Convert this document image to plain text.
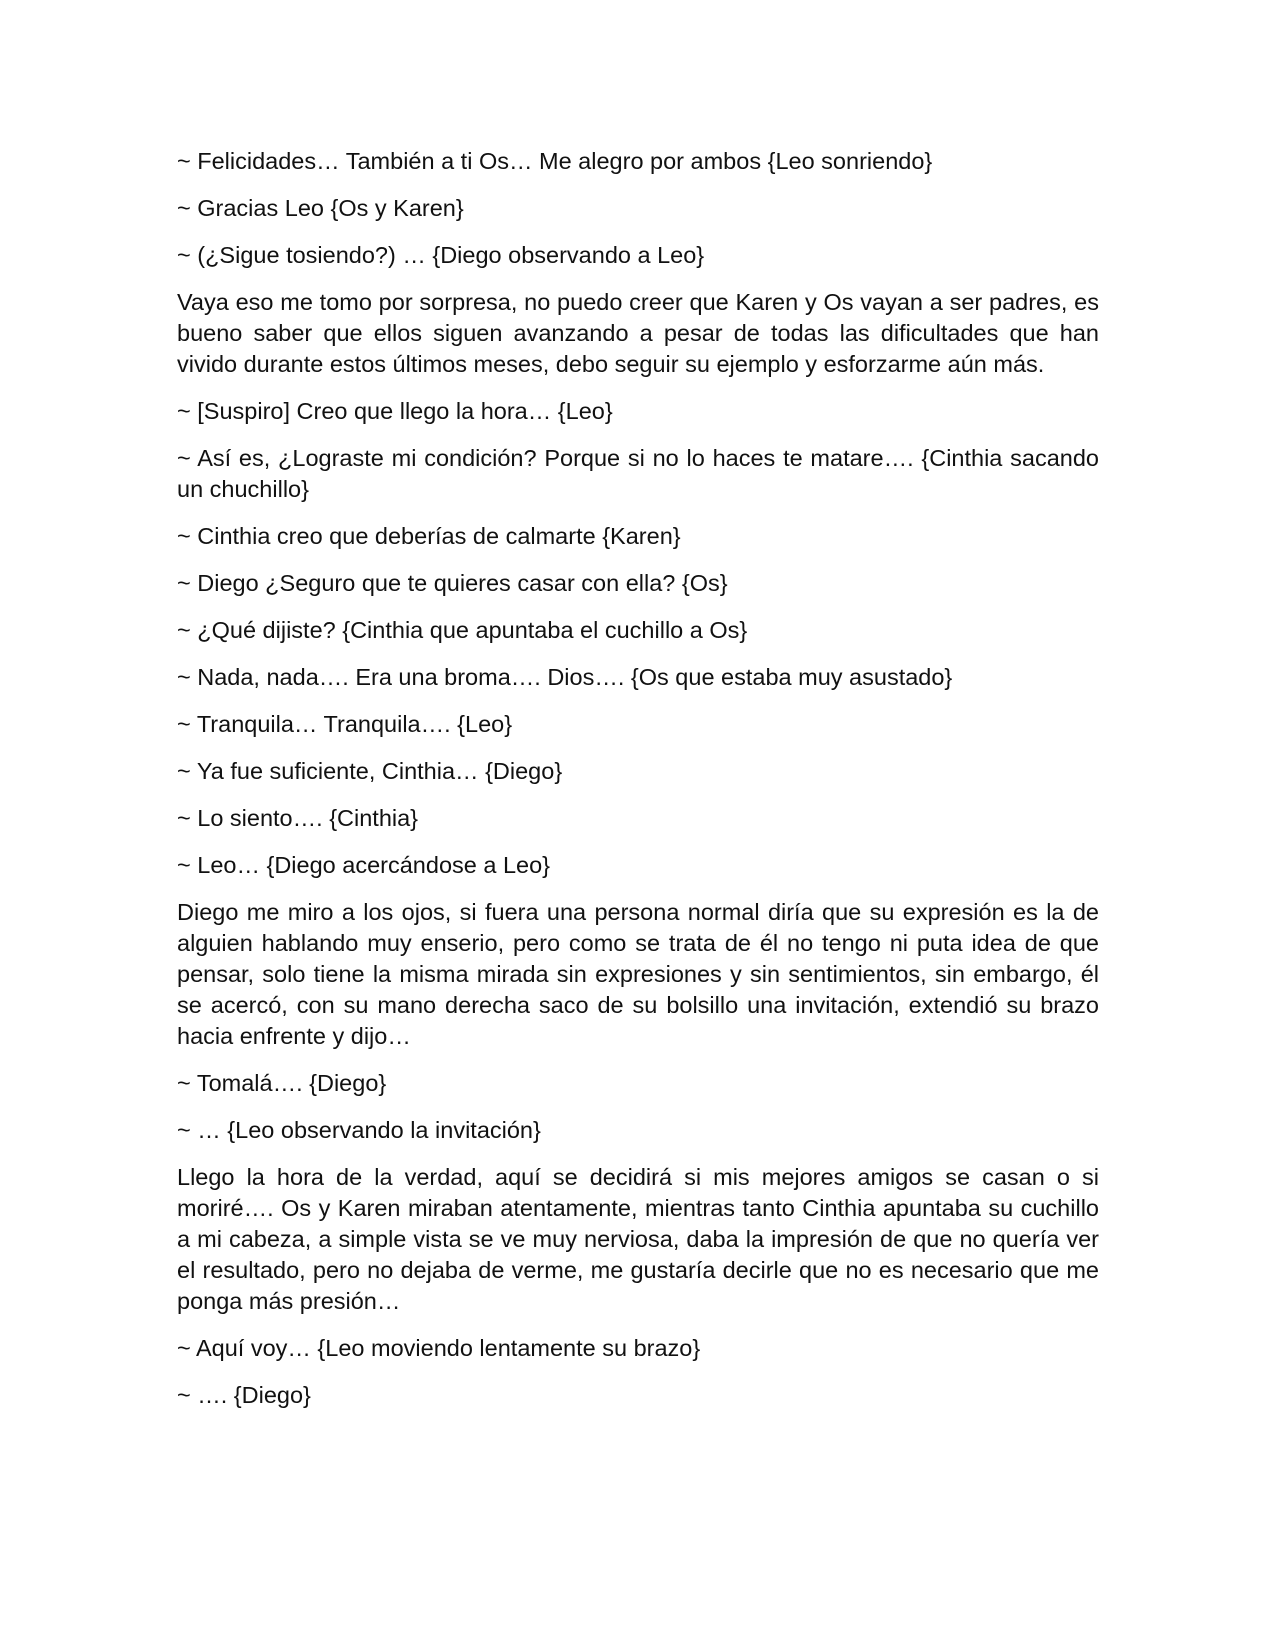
~ Felicidades… También a ti Os… Me alegro por ambos {Leo sonriendo}

~ Gracias Leo {Os y Karen}

~ (¿Sigue tosiendo?) … {Diego observando a Leo}

Vaya eso me tomo por sorpresa, no puedo creer que Karen y Os vayan a ser padres, es bueno saber que ellos siguen avanzando a pesar de todas las dificultades que han vivido durante estos últimos meses, debo seguir su ejemplo y esforzarme aún más.

~ [Suspiro] Creo que llego la hora… {Leo}

~ Así es, ¿Lograste mi condición? Porque si no lo haces te matare…. {Cinthia sacando un chuchillo}

~ Cinthia creo que deberías de calmarte {Karen}

~ Diego ¿Seguro que te quieres casar con ella? {Os}

~ ¿Qué dijiste? {Cinthia que apuntaba el cuchillo a Os}

~ Nada, nada…. Era una broma…. Dios…. {Os que estaba muy asustado}

~ Tranquila… Tranquila…. {Leo}

~ Ya fue suficiente, Cinthia… {Diego}

~ Lo siento…. {Cinthia}

~ Leo… {Diego acercándose a Leo}

Diego me miro a los ojos, si fuera una persona normal diría que su expresión es la de alguien hablando muy enserio, pero como se trata de él no tengo ni puta idea de que pensar, solo tiene la misma mirada sin expresiones y sin sentimientos, sin embargo, él se acercó, con su mano derecha saco de su bolsillo una invitación, extendió su brazo hacia enfrente y dijo…

~ Tomalá…. {Diego}

~ … {Leo observando la invitación}

Llego la hora de la verdad, aquí se decidirá si mis mejores amigos se casan o si moriré…. Os y Karen miraban atentamente, mientras tanto Cinthia apuntaba su cuchillo a mi cabeza, a simple vista se ve muy nerviosa, daba la impresión de que no quería ver el resultado, pero no dejaba de verme, me gustaría decirle que no es necesario que me ponga más presión…

~ Aquí voy… {Leo moviendo lentamente su brazo}

~ …. {Diego}
